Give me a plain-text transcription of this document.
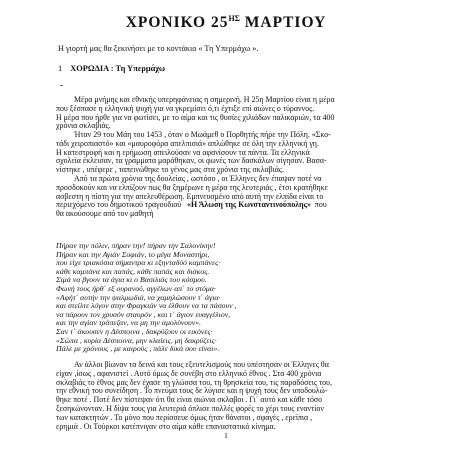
ΧΡΟΝΙΚΟ $25^{H\Sigma}$ ΜΑΡΤΙΟΥ
Η γιορτή μας θα ξεκινήσει με το κοντάκιο « Τη Υπερμάχω ».
1 ΧΟΡΩΔΙΑ : Τη Υπερμάχω
-

Μέρα μνήμης και εθνικής υπερηφάνειας η σημερινή. Η 25η Μαρτίου είναι η μέρα

που ξέσπασε η ελληνική ψυχή για να γκρεμίσει ό,τι έχτιξε επί αιώνες ο τύραννος.

Η μέρα που ήρθε για να φωτίσει, με το αίμα και τις θυσίες χιλιάδων παλικαριών, τα 400

χρόνια σκλαβιάς.

Ήταν 29 του Μάη του 1453 , όταν ο Μωάμεθ ο Πορθητής πήρε την Πόλη. «Σκο-

τάδι χειροπιαστό» και «μαυροφόρα απελπισιά» απλώθηκε σε όλη την ελληνική γη.

Η κατεστροφή και η ερήμωση απειλούσαν να αφανίσουν τα πάντα. Τα ελληνικά

σχολεία έκλεισαν, τα γράμματα μαράθηκαν, οι φωνές των δασκάλων σίγησαν. Βασα-

νίστηκε , υπέφερε , ταπεινώθηκε το γένος μας στα χρόνια της σκλαβιάς.

Από τα πρώτα χρόνια της δουλείας , ωστόσο , οι Έλληνες δεν έπαψαν ποτέ να

προσδοκούν και να ελπίζουν πως θα ξημέρωνε η μέρα της λευτεριάς , έτσι κρατήθηκε

ασβεστη η πίστη για την απελευθέρωση. Εμπνευσμένο από αυτή την ελπίδα είναι το

περιεχόμενο του δημοτικού τραγουδιού «Η Άλωση της Κωνσταντινούπολης» που

θα ακούσουμε από τον μαθητή

Πήραν την πόλιν, πήραν την! πήραν την Σαλονίκην!

Πήραν και την Αγιάν Σοφιάν, το μέγα Μοναστήρι,

που είχε τριακόσια σήμαντρα κι εξηνταδύό καμπάνες·

κάθε καμπάνα και παπάς, κάθε παπάς και διάκος.

Σιμά να βγουν τα άγια κι ο Βασιλιάς του κόσμου.

Φωνή τους ήρθ΄ εξ ουρανού, αγγέλων απ΄ το στόμα·

«Αφήτ΄ αυτήν την ψαλμωδιά, να χαμηλώσουν τ΄ άγια·

και στείλτε λόγον στην Φραγκιάν να έλθουν να τα πάσουν ,

να πάρουν τον χρυσόν σταυρόν , και τ΄ άγιον ευαγγέλιον,

και την αγίαν τράπεζαν, να μη την αμολύνουν».

Σαν τ΄ άκουσεν η Δέσποινα , δακρύζουν οι εικόνες·

«Σώπα , κυρία Δέσποινα, μην κλαίεις, μη δακρύζεις·

Πάλε με χρόνους , με καιρούς , πάλε δικά σου είναι».

Αν άλλοι βίωναν τα δεινά και τους εξευτελισμούς που υπέστησαν οι Έλληνες θα

είχαν ,ίσως , αφανιστεί . Αυτό όμως δε συνέβη στο ελληνικό έθνος . Στα 400 χρόνια

σκλαβιάς το έθνος μας δεν έχασε τη γλώσσα του, τη θρησκεία του, τις παραδόσεις του,

την εθνική του συνείδηση . Το πνεύμα τους δε λύγισε και η ψυχή τους δεν υποδουλώ-

θηκε ποτέ . Ποτέ δεν πίστεψαν ότι θα είναι αιώνια σκλαβοι . Γι΄ αυτό και κάθε τόσο

ξεσηκώνονταν. Η δίψα τους για λευτεριά όπλισε πολλές φορές το χέρι τους εναντίον

των κατακτητών . Το μόνο που περίσσευε όμως ήταν θάνατοι , σφαγές , ερείπια ,

ερημιά . Οι Τούρκοι κατέπνιγαν στο αίμα κάθε επαναστατικό κίνημα.

1
